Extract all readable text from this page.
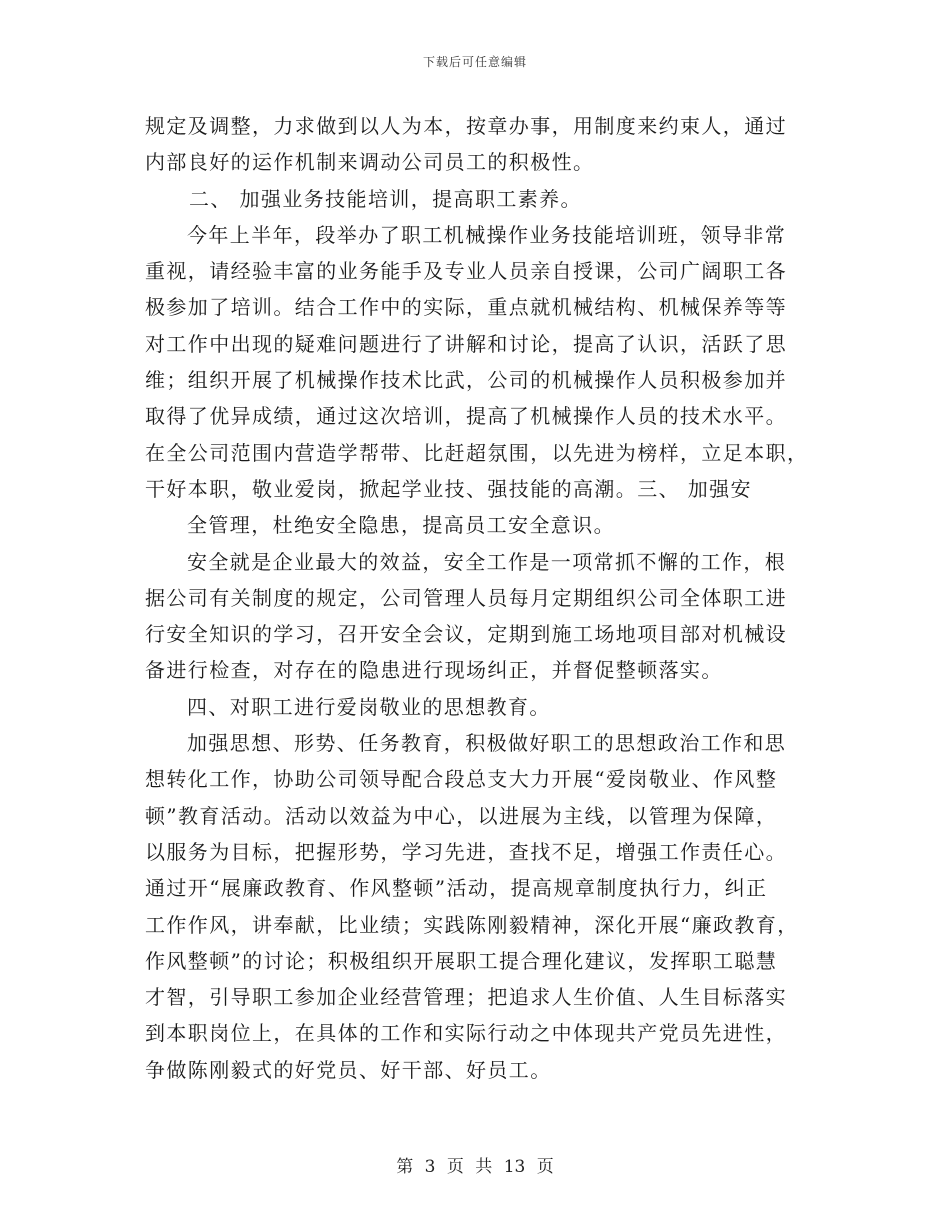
下载后可任意编辑
规定及调整，力求做到以人为本，按章办事，用制度来约束人，通过
内部良好的运作机制来调动公司员工的积极性。
二、 加强业务技能培训，提高职工素养。
今年上半年，段举办了职工机械操作业务技能培训班，领导非常
重视，请经验丰富的业务能手及专业人员亲自授课，公司广阔职工各
极参加了培训。结合工作中的实际，重点就机械结构、机械保养等等
对工作中出现的疑难问题进行了讲解和讨论，提高了认识，活跃了思
维；组织开展了机械操作技术比武，公司的机械操作人员积极参加并
取得了优异成绩，通过这次培训，提高了机械操作人员的技术水平。
在全公司范围内营造学帮带、比赶超氛围，以先进为榜样，立足本职，
干好本职，敬业爱岗，掀起学业技、强技能的高潮。三、 加强安
全管理，杜绝安全隐患，提高员工安全意识。
安全就是企业最大的效益，安全工作是一项常抓不懈的工作，根
据公司有关制度的规定，公司管理人员每月定期组织公司全体职工进
行安全知识的学习，召开安全会议，定期到施工场地项目部对机械设
备进行检查，对存在的隐患进行现场纠正，并督促整顿落实。
四、对职工进行爱岗敬业的思想教育。
加强思想、形势、任务教育，积极做好职工的思想政治工作和思
想转化工作，协助公司领导配合段总支大力开展“爱岗敬业、作风整
顿”教育活动。活动以效益为中心，以进展为主线，以管理为保障，
以服务为目标，把握形势，学习先进，查找不足，增强工作责任心。
通过开“展廉政教育、作风整顿”活动，提高规章制度执行力，纠正
工作作风，讲奉献，比业绩；实践陈刚毅精神，深化开展“廉政教育，
作风整顿”的讨论；积极组织开展职工提合理化建议，发挥职工聪慧
才智，引导职工参加企业经营管理；把追求人生价值、人生目标落实
到本职岗位上，在具体的工作和实际行动之中体现共产党员先进性，
争做陈刚毅式的好党员、好干部、好员工。
第 3 页 共 13 页
